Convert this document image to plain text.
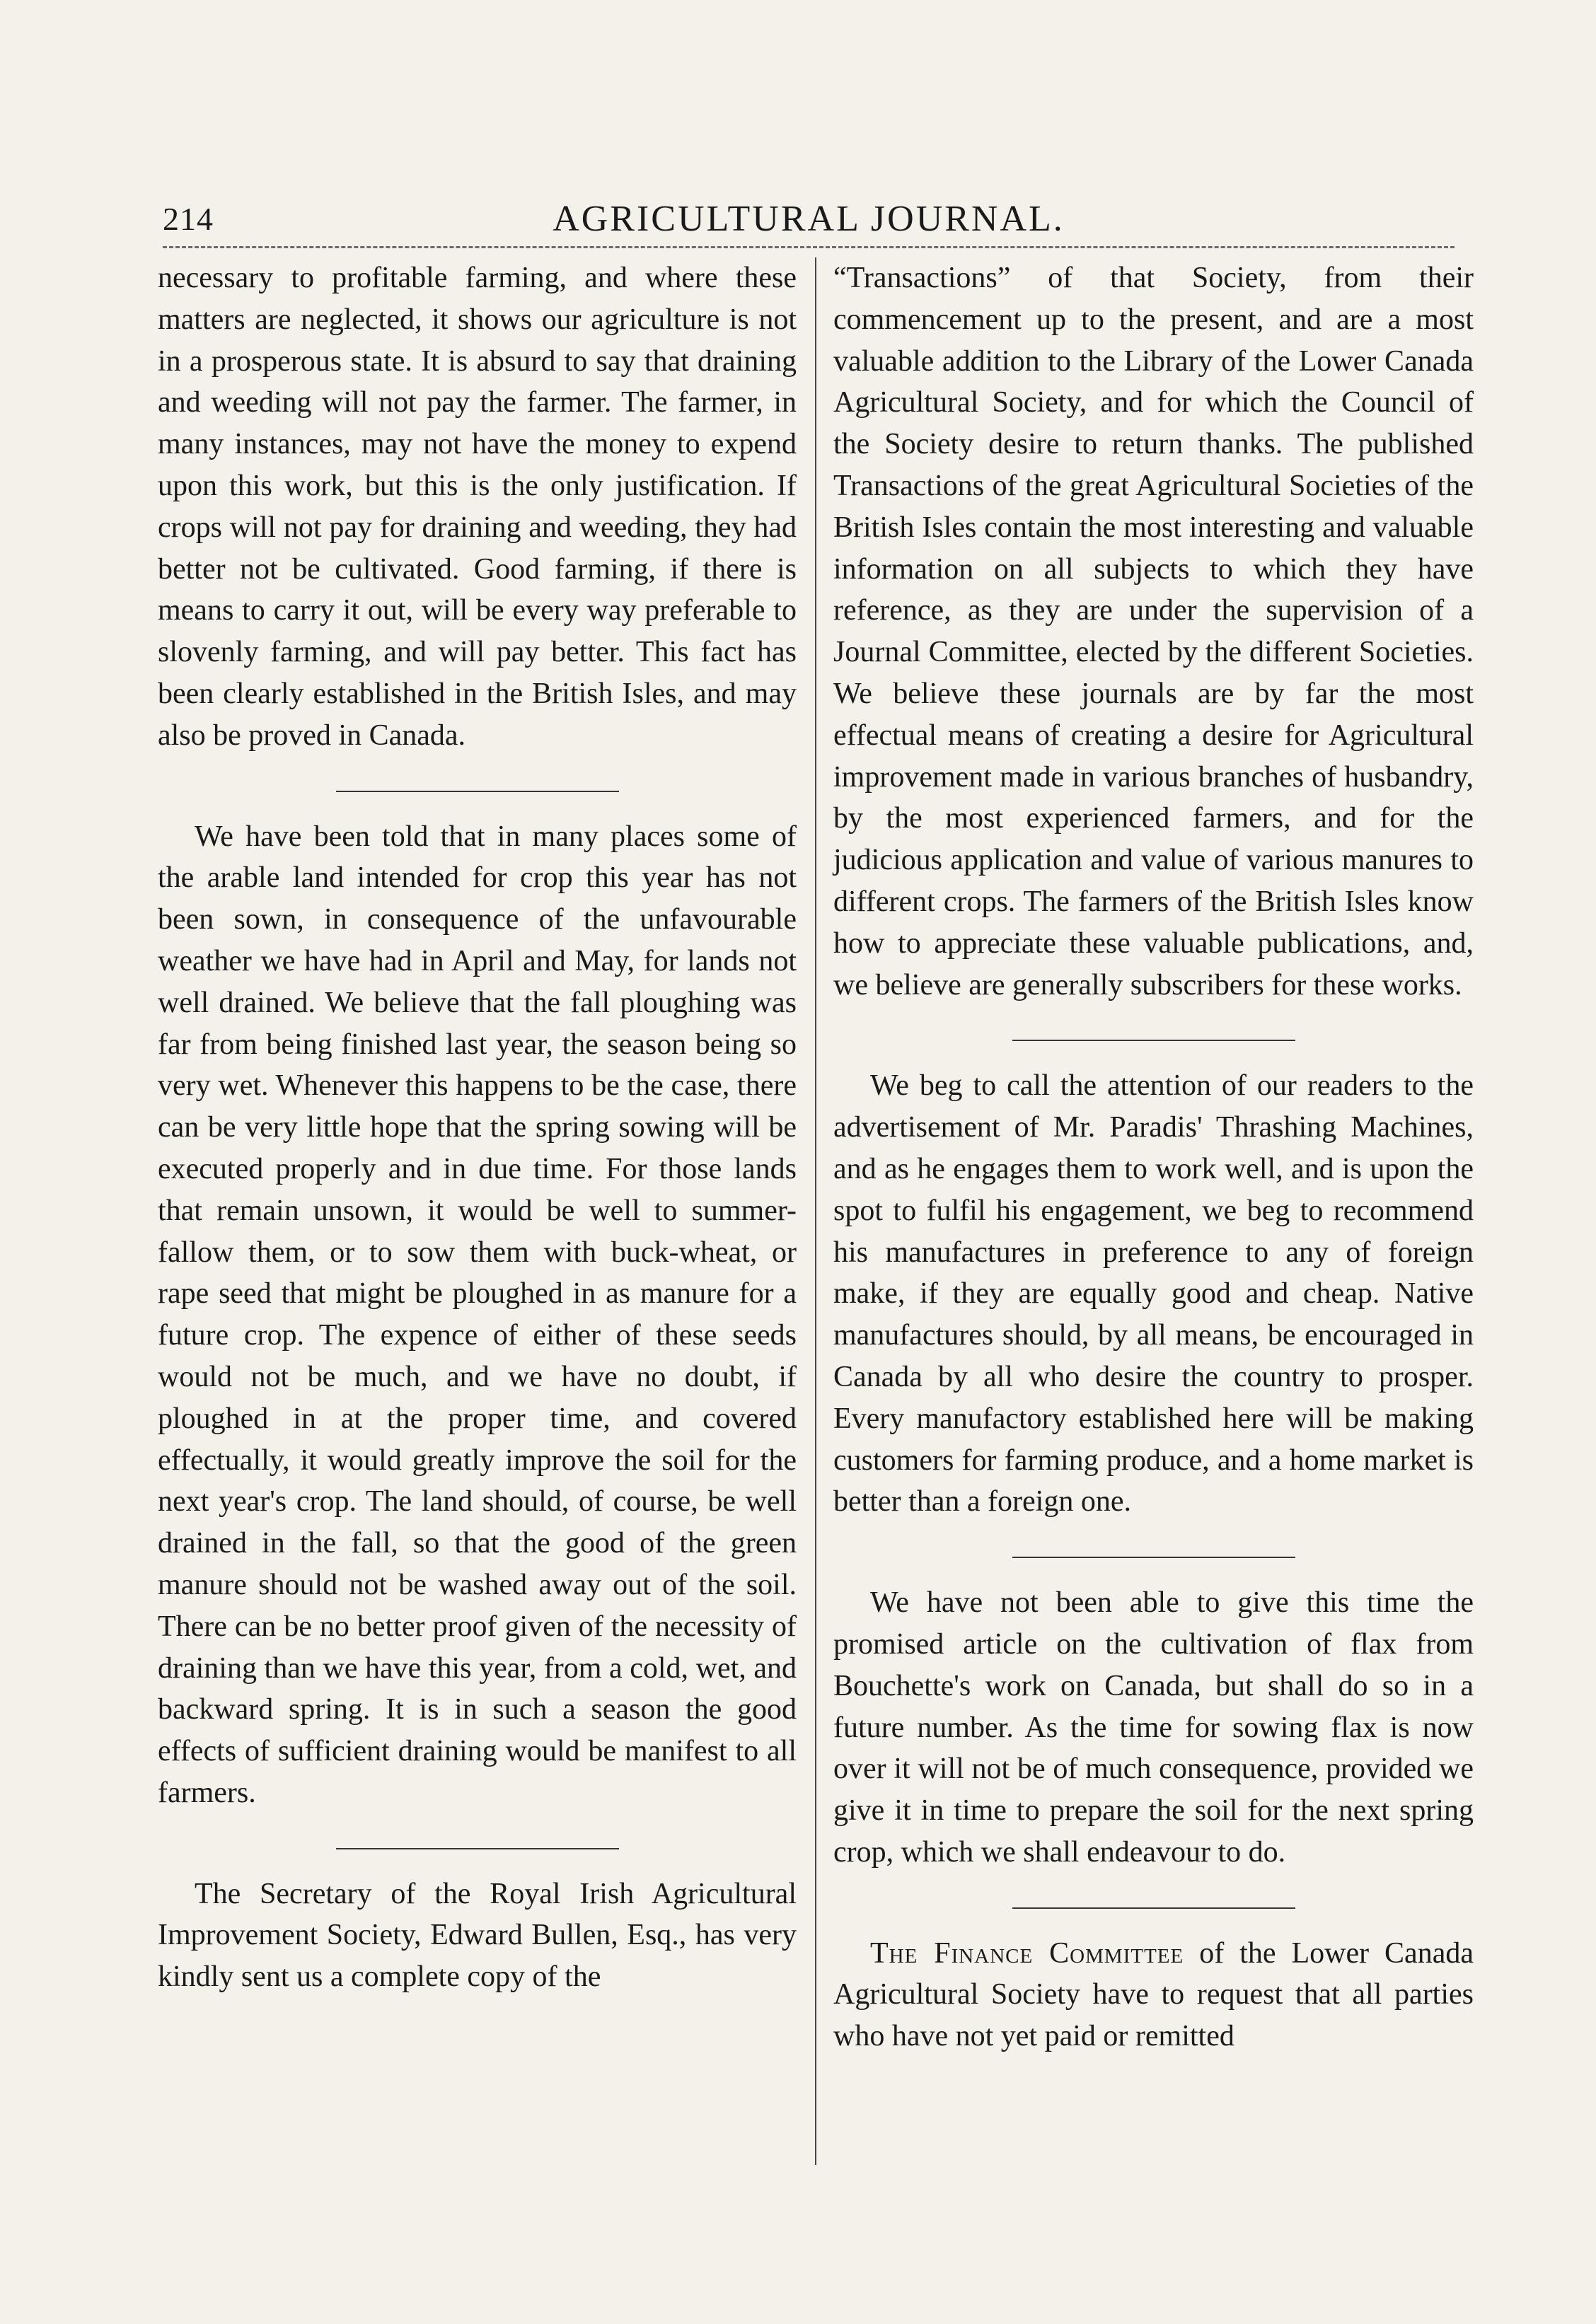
214	AGRICULTURAL JOURNAL.

necessary to profitable farming, and where these matters are neglected, it shows our agriculture is not in a prosperous state. It is absurd to say that draining and weeding will not pay the farmer. The farmer, in many instances, may not have the money to expend upon this work, but this is the only justification. If crops will not pay for draining and weeding, they had better not be cultivated. Good farming, if there is means to carry it out, will be every way preferable to slovenly farming, and will pay better. This fact has been clearly established in the British Isles, and may also be proved in Canada.

We have been told that in many places some of the arable land intended for crop this year has not been sown, in consequence of the unfavourable weather we have had in April and May, for lands not well drained. We believe that the fall ploughing was far from being finished last year, the season being so very wet. Whenever this happens to be the case, there can be very little hope that the spring sowing will be executed properly and in due time. For those lands that remain unsown, it would be well to summer-fallow them, or to sow them with buck-wheat, or rape seed that might be ploughed in as manure for a future crop. The expence of either of these seeds would not be much, and we have no doubt, if ploughed in at the proper time, and covered effectually, it would greatly improve the soil for the next year's crop. The land should, of course, be well drained in the fall, so that the good of the green manure should not be washed away out of the soil. There can be no better proof given of the necessity of draining than we have this year, from a cold, wet, and backward spring. It is in such a season the good effects of sufficient draining would be manifest to all farmers.

The Secretary of the Royal Irish Agricultural Improvement Society, Edward Bullen, Esq., has very kindly sent us a complete copy of the

“Transactions” of that Society, from their commencement up to the present, and are a most valuable addition to the Library of the Lower Canada Agricultural Society, and for which the Council of the Society desire to return thanks. The published Transactions of the great Agricultural Societies of the British Isles contain the most interesting and valuable information on all subjects to which they have reference, as they are under the supervision of a Journal Committee, elected by the different Societies. We believe these journals are by far the most effectual means of creating a desire for Agricultural improvement made in various branches of husbandry, by the most experienced farmers, and for the judicious application and value of various manures to different crops. The farmers of the British Isles know how to appreciate these valuable publications, and, we believe are generally subscribers for these works.

We beg to call the attention of our readers to the advertisement of Mr. Paradis' Thrashing Machines, and as he engages them to work well, and is upon the spot to fulfil his engagement, we beg to recommend his manufactures in preference to any of foreign make, if they are equally good and cheap. Native manufactures should, by all means, be encouraged in Canada by all who desire the country to prosper. Every manufactory established here will be making customers for farming produce, and a home market is better than a foreign one.

We have not been able to give this time the promised article on the cultivation of flax from Bouchette's work on Canada, but shall do so in a future number. As the time for sowing flax is now over it will not be of much consequence, provided we give it in time to prepare the soil for the next spring crop, which we shall endeavour to do.

The Finance Committee of the Lower Canada Agricultural Society have to request that all parties who have not yet paid or remitted
